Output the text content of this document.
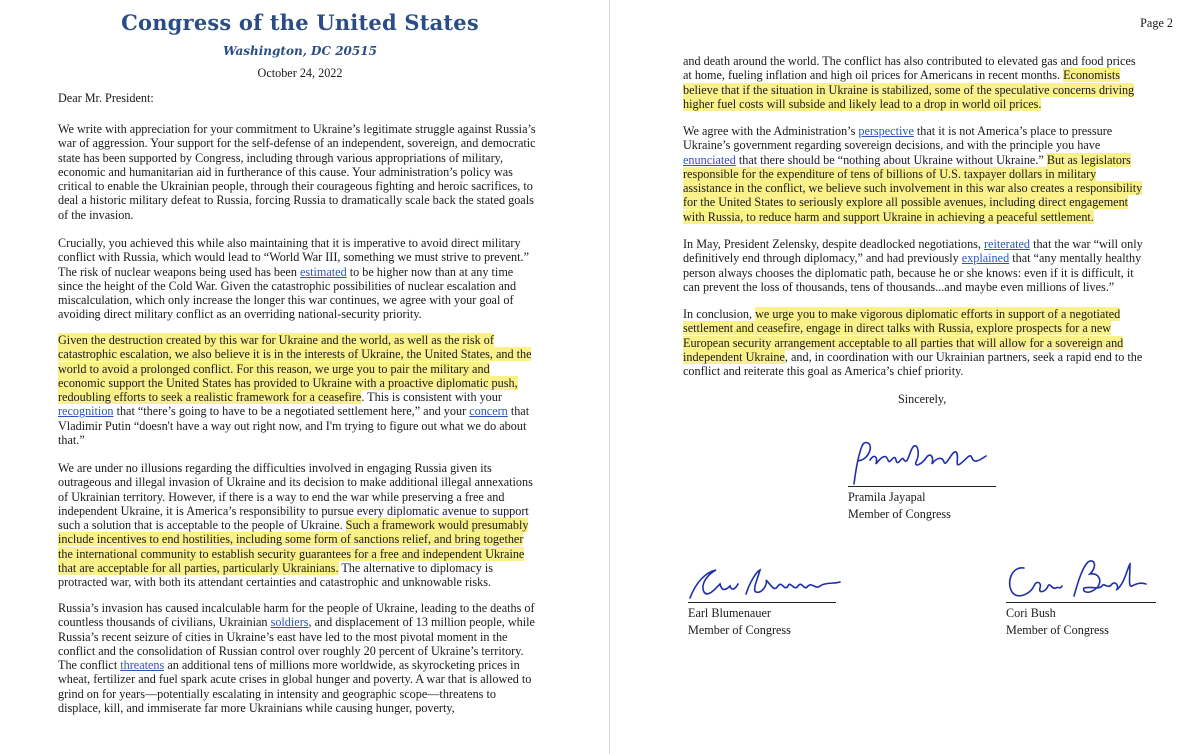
Congress of the United States
Washington, DC 20515
October 24, 2022
Dear Mr. President:

We write with appreciation for your commitment to Ukraine’s legitimate struggle against Russia’s war of aggression. Your support for the self-defense of an independent, sovereign, and democratic state has been supported by Congress, including through various appropriations of military, economic and humanitarian aid in furtherance of this cause. Your administration’s policy was critical to enable the Ukrainian people, through their courageous fighting and heroic sacrifices, to deal a historic military defeat to Russia, forcing Russia to dramatically scale back the stated goals of the invasion.

Crucially, you achieved this while also maintaining that it is imperative to avoid direct military conflict with Russia, which would lead to “World War III, something we must strive to prevent.” The risk of nuclear weapons being used has been estimated to be higher now than at any time since the height of the Cold War. Given the catastrophic possibilities of nuclear escalation and miscalculation, which only increase the longer this war continues, we agree with your goal of avoiding direct military conflict as an overriding national-security priority.

Given the destruction created by this war for Ukraine and the world, as well as the risk of catastrophic escalation, we also believe it is in the interests of Ukraine, the United States, and the world to avoid a prolonged conflict. For this reason, we urge you to pair the military and economic support the United States has provided to Ukraine with a proactive diplomatic push, redoubling efforts to seek a realistic framework for a ceasefire. This is consistent with your recognition that “there’s going to have to be a negotiated settlement here,” and your concern that Vladimir Putin “doesn't have a way out right now, and I'm trying to figure out what we do about that.”

We are under no illusions regarding the difficulties involved in engaging Russia given its outrageous and illegal invasion of Ukraine and its decision to make additional illegal annexations of Ukrainian territory. However, if there is a way to end the war while preserving a free and independent Ukraine, it is America’s responsibility to pursue every diplomatic avenue to support such a solution that is acceptable to the people of Ukraine. Such a framework would presumably include incentives to end hostilities, including some form of sanctions relief, and bring together the international community to establish security guarantees for a free and independent Ukraine that are acceptable for all parties, particularly Ukrainians. The alternative to diplomacy is protracted war, with both its attendant certainties and catastrophic and unknowable risks.

Russia’s invasion has caused incalculable harm for the people of Ukraine, leading to the deaths of countless thousands of civilians, Ukrainian soldiers, and displacement of 13 million people, while Russia’s recent seizure of cities in Ukraine’s east have led to the most pivotal moment in the conflict and the consolidation of Russian control over roughly 20 percent of Ukraine’s territory. The conflict threatens an additional tens of millions more worldwide, as skyrocketing prices in wheat, fertilizer and fuel spark acute crises in global hunger and poverty. A war that is allowed to grind on for years—potentially escalating in intensity and geographic scope—threatens to displace, kill, and immiserate far more Ukrainians while causing hunger, poverty,

Page 2

and death around the world. The conflict has also contributed to elevated gas and food prices at home, fueling inflation and high oil prices for Americans in recent months. Economists believe that if the situation in Ukraine is stabilized, some of the speculative concerns driving higher fuel costs will subside and likely lead to a drop in world oil prices.

We agree with the Administration’s perspective that it is not America’s place to pressure Ukraine’s government regarding sovereign decisions, and with the principle you have enunciated that there should be “nothing about Ukraine without Ukraine.” But as legislators responsible for the expenditure of tens of billions of U.S. taxpayer dollars in military assistance in the conflict, we believe such involvement in this war also creates a responsibility for the United States to seriously explore all possible avenues, including direct engagement with Russia, to reduce harm and support Ukraine in achieving a peaceful settlement.

In May, President Zelensky, despite deadlocked negotiations, reiterated that the war “will only definitively end through diplomacy,” and had previously explained that “any mentally healthy person always chooses the diplomatic path, because he or she knows: even if it is difficult, it can prevent the loss of thousands, tens of thousands...and maybe even millions of lives.”

In conclusion, we urge you to make vigorous diplomatic efforts in support of a negotiated settlement and ceasefire, engage in direct talks with Russia, explore prospects for a new European security arrangement acceptable to all parties that will allow for a sovereign and independent Ukraine, and, in coordination with our Ukrainian partners, seek a rapid end to the conflict and reiterate this goal as America’s chief priority.

Sincerely,
Pramila Jayapal
Member of Congress
Earl Blumenauer
Member of Congress
Cori Bush
Member of Congress
